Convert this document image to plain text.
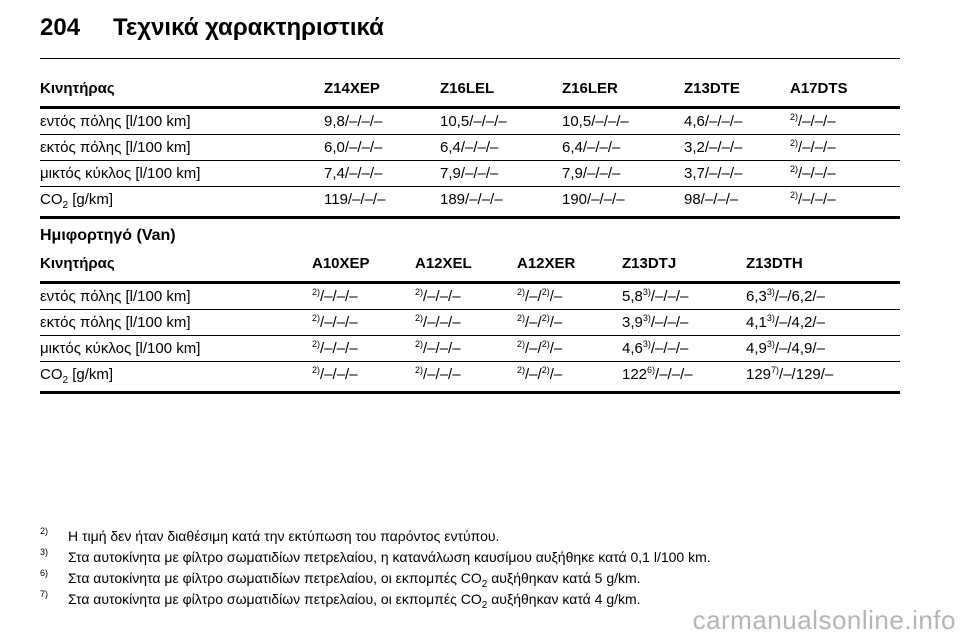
204 Τεχνικά χαρακτηριστικά
Κινητήρας	Z14XEP	Z16LEL	Z16LER	Z13DTE	A17DTS
εντός πόλης [l/100 km]	9,8/–/–/–	10,5/–/–/–	10,5/–/–/–	4,6/–/–/–	$^{2)}$/–/–/–
εκτός πόλης [l/100 km]	6,0/–/–/–	6,4/–/–/–	6,4/–/–/–	3,2/–/–/–	$^{2)}$/–/–/–
μικτός κύκλος [l/100 km]	7,4/–/–/–	7,9/–/–/–	7,9/–/–/–	3,7/–/–/–	$^{2)}$/–/–/–
$CO_2$ [g/km]	119/–/–/–	189/–/–/–	190/–/–/–	98/–/–/–	$^{2)}$/–/–/–
Ημιφορτηγό (Van)
Κινητήρας	A10XEP	A12XEL	A12XER	Z13DTJ	Z13DTH
εντός πόλης [l/100 km]	$^{2)}$/–/–/–	$^{2)}$/–/–/–	$^{2)}$/–/$^{2)}$/–	5,8$^{3)}$/–/–/–	6,3$^{3)}$/–/6,2/–
εκτός πόλης [l/100 km]	$^{2)}$/–/–/–	$^{2)}$/–/–/–	$^{2)}$/–/$^{2)}$/–	3,9$^{3)}$/–/–/–	4,1$^{3)}$/–/4,2/–
μικτός κύκλος [l/100 km]	$^{2)}$/–/–/–	$^{2)}$/–/–/–	$^{2)}$/–/$^{2)}$/–	4,6$^{3)}$/–/–/–	4,9$^{3)}$/–/4,9/–
$CO_2$ [g/km]	$^{2)}$/–/–/–	$^{2)}$/–/–/–	$^{2)}$/–/$^{2)}$/–	122$^{6)}$/–/–/–	129$^{7)}$/–/129/–
2) Η τιμή δεν ήταν διαθέσιμη κατά την εκτύπωση του παρόντος εντύπου.
3) Στα αυτοκίνητα με φίλτρο σωματιδίων πετρελαίου, η κατανάλωση καυσίμου αυξήθηκε κατά 0,1 l/100 km.
6) Στα αυτοκίνητα με φίλτρο σωματιδίων πετρελαίου, οι εκπομπές $CO_2$ αυξήθηκαν κατά 5 g/km.
7) Στα αυτοκίνητα με φίλτρο σωματιδίων πετρελαίου, οι εκπομπές $CO_2$ αυξήθηκαν κατά 4 g/km.
carmanualsonline.info
